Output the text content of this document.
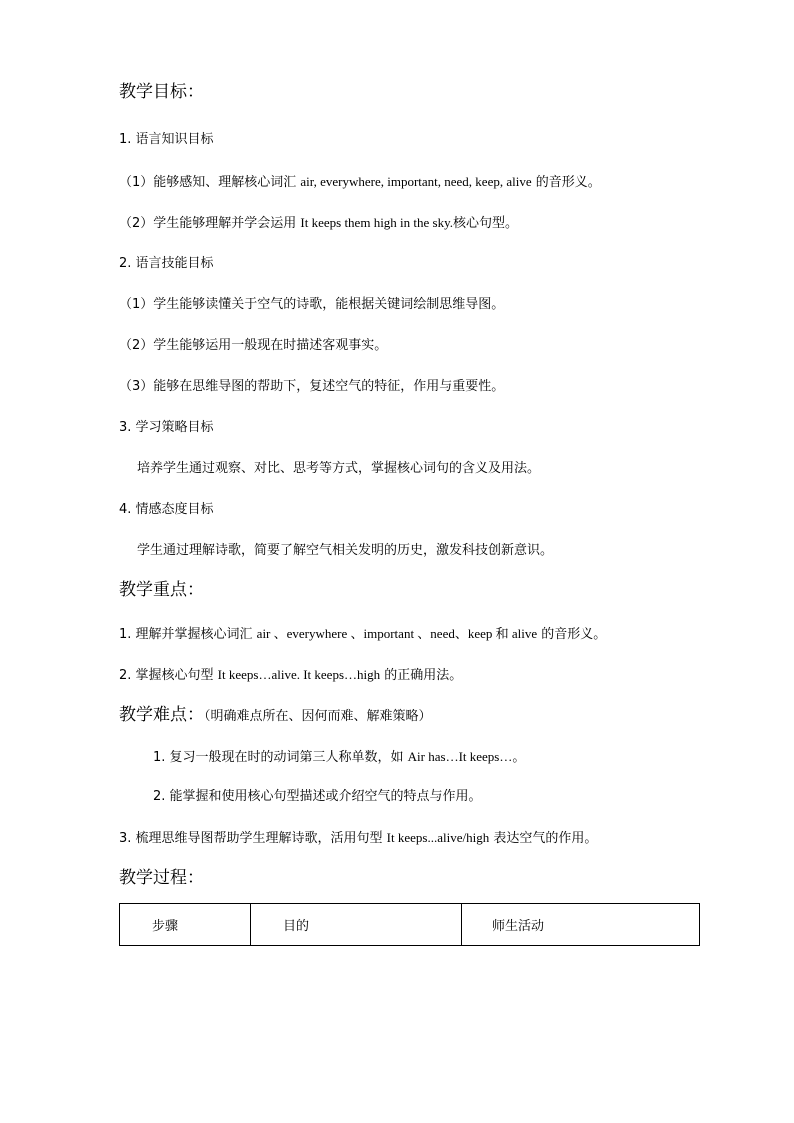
教学目标：
1. 语言知识目标
（1）能够感知、理解核心词汇 air, everywhere, important, need, keep, alive 的音形义。
（2）学生能够理解并学会运用 It keeps them high in the sky.核心句型。
2. 语言技能目标
（1）学生能够读懂关于空气的诗歌，能根据关键词绘制思维导图。
（2）学生能够运用一般现在时描述客观事实。
（3）能够在思维导图的帮助下，复述空气的特征，作用与重要性。
3. 学习策略目标
培养学生通过观察、对比、思考等方式，掌握核心词句的含义及用法。
4. 情感态度目标
学生通过理解诗歌，简要了解空气相关发明的历史，激发科技创新意识。
教学重点：
1. 理解并掌握核心词汇 air 、everywhere 、important 、need、keep 和 alive 的音形义。
2. 掌握核心句型 It keeps…alive. It keeps…high 的正确用法。
教学难点：（明确难点所在、因何而难、解难策略）
1. 复习一般现在时的动词第三人称单数，如 Air has…It keeps…。
2. 能掌握和使用核心句型描述或介绍空气的特点与作用。
3. 梳理思维导图帮助学生理解诗歌，活用句型 It keeps...alive/high 表达空气的作用。
教学过程：
步骤	目的	师生活动
